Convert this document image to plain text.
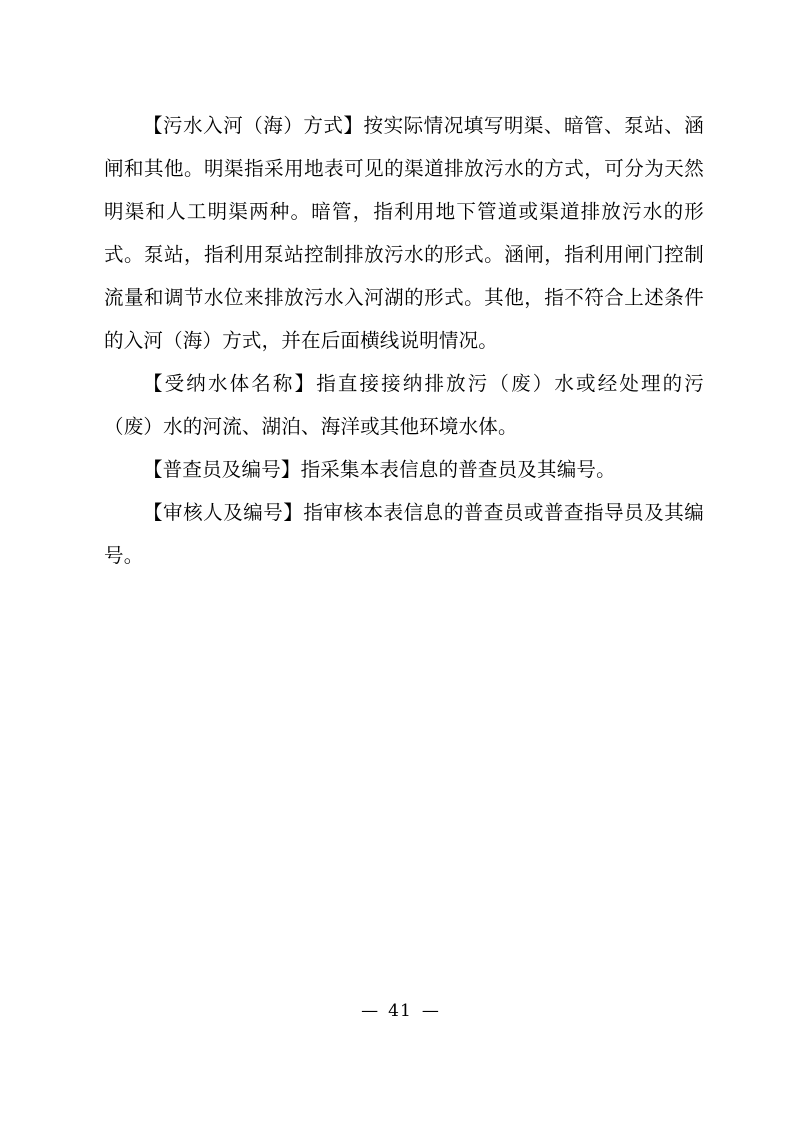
【污水入河（海）方式】按实际情况填写明渠、暗管、泵站、涵闸和其他。明渠指采用地表可见的渠道排放污水的方式，可分为天然明渠和人工明渠两种。暗管，指利用地下管道或渠道排放污水的形式。泵站，指利用泵站控制排放污水的形式。涵闸，指利用闸门控制流量和调节水位来排放污水入河湖的形式。其他，指不符合上述条件的入河（海）方式，并在后面横线说明情况。

【受纳水体名称】指直接接纳排放污（废）水或经处理的污（废）水的河流、湖泊、海洋或其他环境水体。

【普查员及编号】指采集本表信息的普查员及其编号。

【审核人及编号】指审核本表信息的普查员或普查指导员及其编号。

— 41 —
